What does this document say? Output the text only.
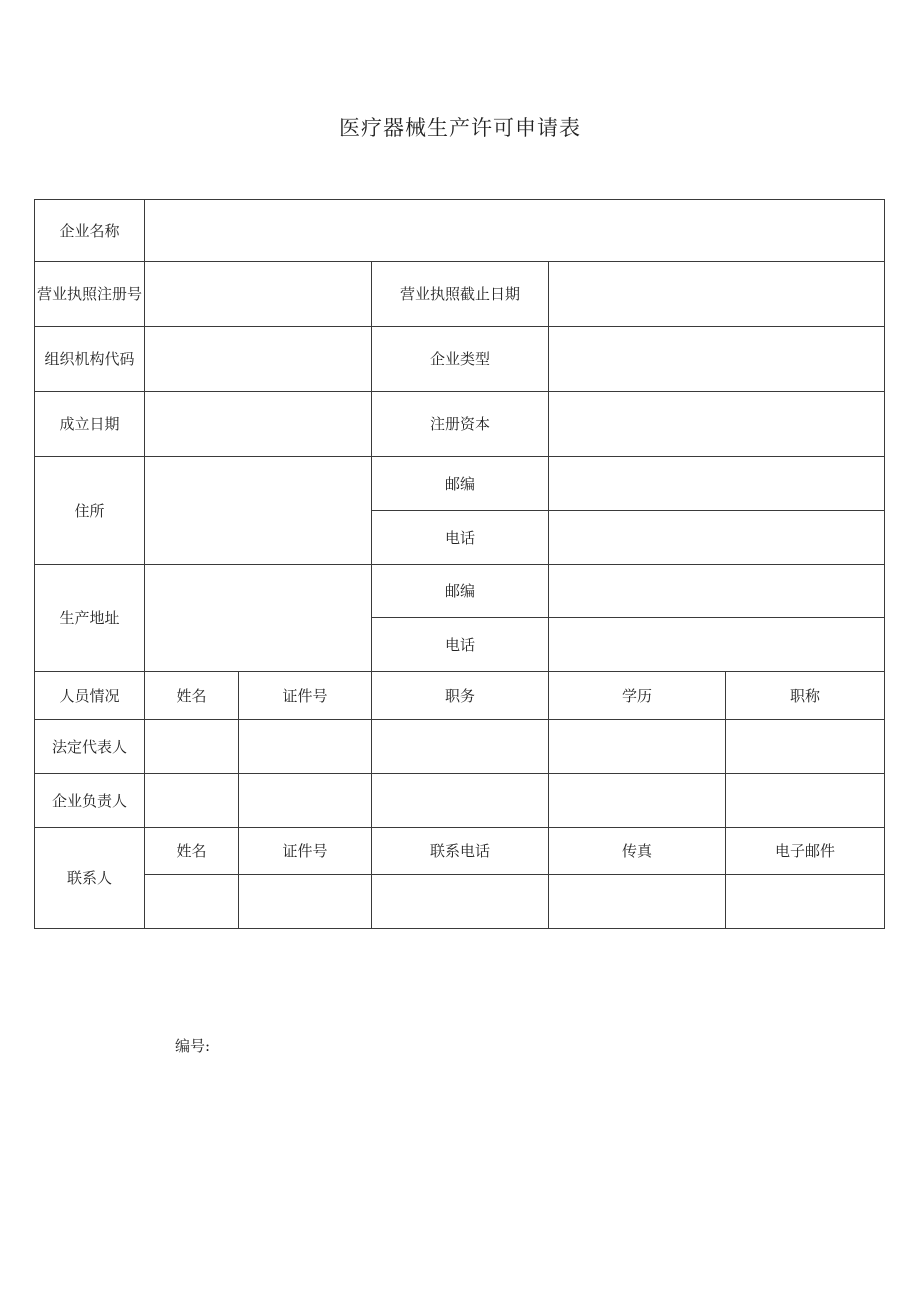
医疗器械生产许可申请表
企业名称					
营业执照注册号			营业执照截止日期		
组织机构代码			企业类型		
成立日期			注册资本		
住所			邮编		
			电话		
生产地址			邮编		
			电话		
人员情况	姓名	证件号	职务	学历	职称
法定代表人					
企业负责人					
联系人	姓名	证件号	联系电话	传真	电子邮件

编号:
